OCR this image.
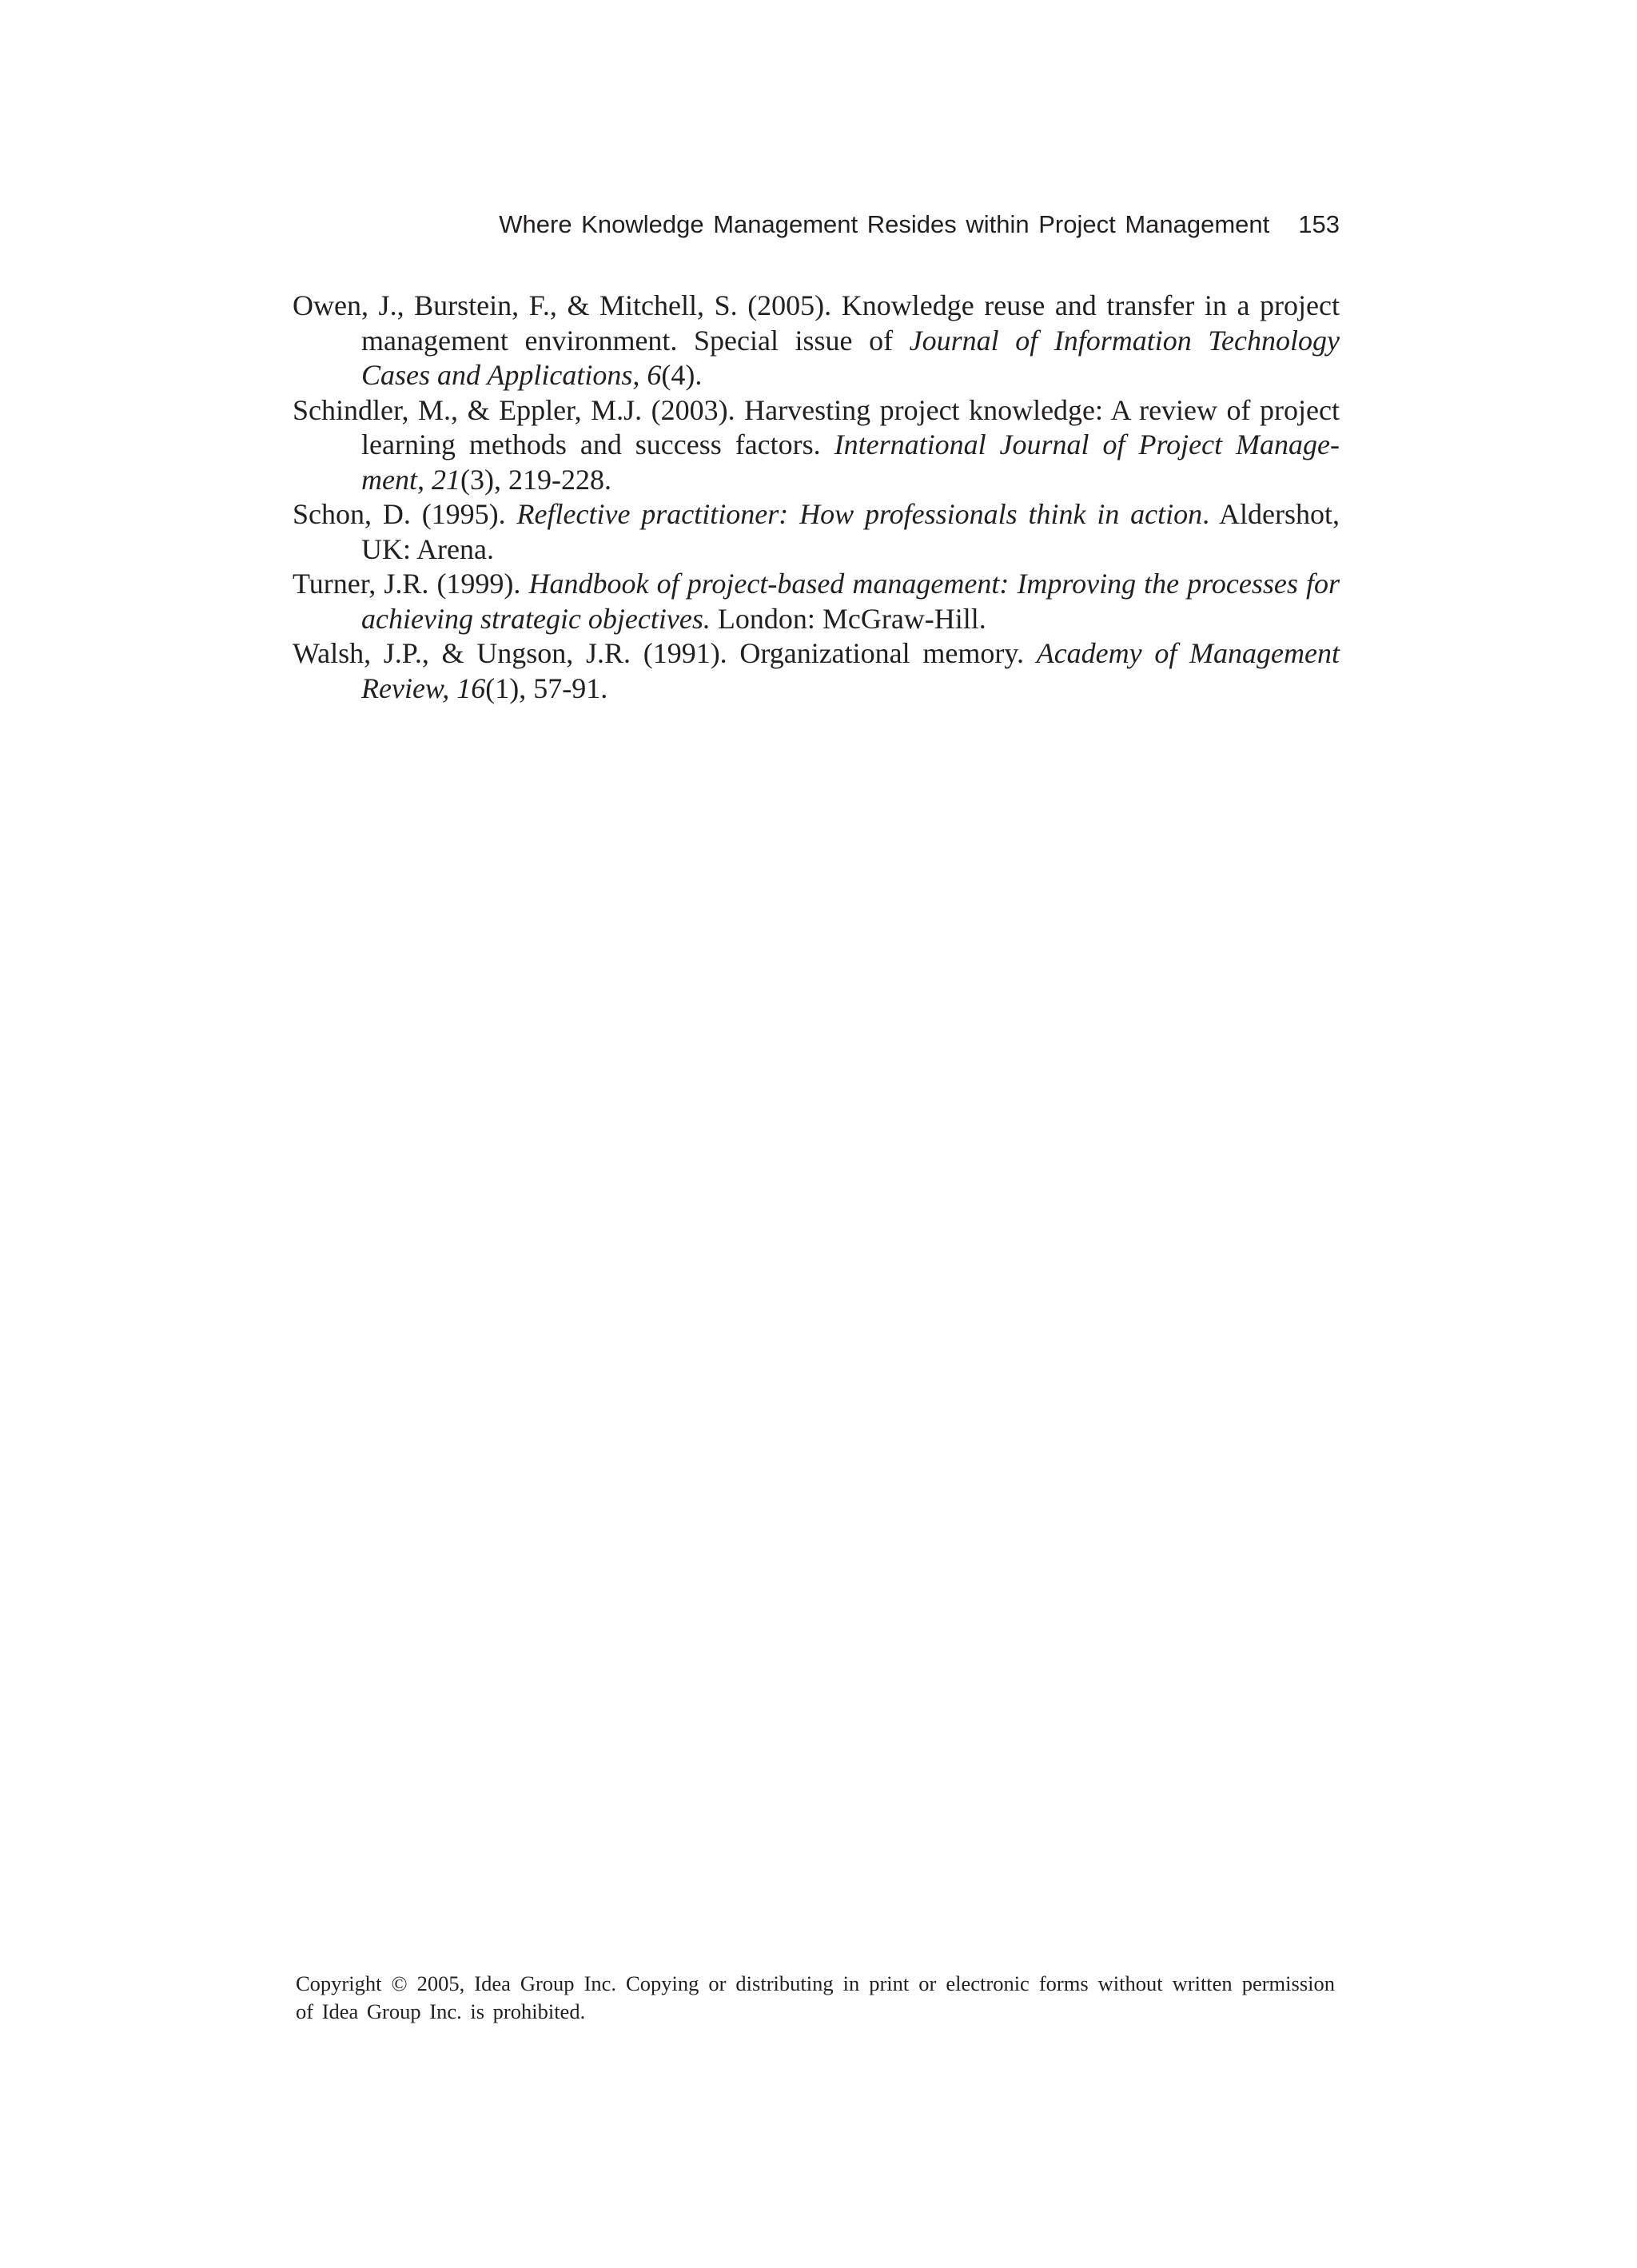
Where Knowledge Management Resides within Project Management 153
Owen, J., Burstein, F., & Mitchell, S. (2005). Knowledge reuse and transfer in a project management environment. Special issue of Journal of Information Technology Cases and Applications, 6(4).
Schindler, M., & Eppler, M.J. (2003). Harvesting project knowledge: A review of project learning methods and success factors. International Journal of Project Manage-ment, 21(3), 219-228.
Schon, D. (1995). Reflective practitioner: How professionals think in action. Aldershot, UK: Arena.
Turner, J.R. (1999). Handbook of project-based management: Improving the processes for achieving strategic objectives. London: McGraw-Hill.
Walsh, J.P., & Ungson, J.R. (1991). Organizational memory. Academy of Management Review, 16(1), 57-91.
Copyright © 2005, Idea Group Inc. Copying or distributing in print or electronic forms without written permission of Idea Group Inc. is prohibited.
